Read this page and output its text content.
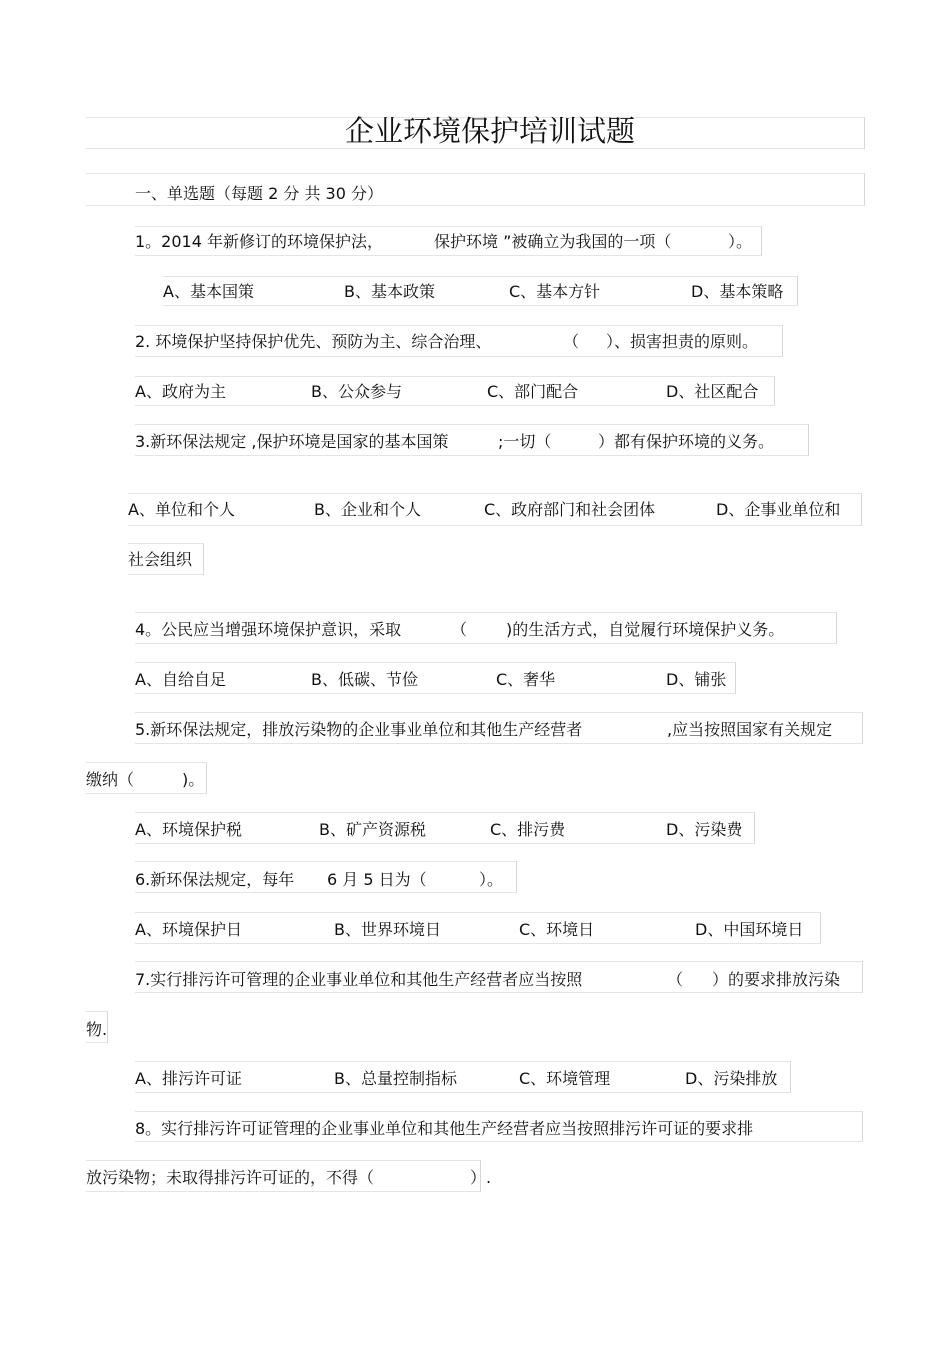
企业环境保护培训试题
一、单选题（每题 2 分 共 30 分）
1。2014 年新修订的环境保护法，	保护环境 ”被确立为我国的一项（	）。
A、基本国策	B、基本政策	C、基本方针	D、基本策略
2. 环境保护坚持保护优先、预防为主、综合治理、	（ ）、损害担责的原则。
A、政府为主	B、公众参与	C、部门配合	D、社区配合
3.新环保法规定 ,保护环境是国家的基本国策	;一切（	）都有保护环境的义务。
A、单位和个人	B、企业和个人	C、政府部门和社会团体	D、企事业单位和
社会组织
4。公民应当增强环境保护意识，采取	（ )的生活方式，自觉履行环境保护义务。
A、自给自足	B、低碳、节俭	C、奢华	D、铺张
5.新环保法规定，排放污染物的企业事业单位和其他生产经营者	,应当按照国家有关规定
缴纳（	)。
A、环境保护税	B、矿产资源税	C、排污费	D、污染费
6.新环保法规定，每年 6 月 5 日为（	）。
A、环境保护日	B、世界环境日	C、环境日	D、中国环境日
7.实行排污许可管理的企业事业单位和其他生产经营者应当按照	（ ）的要求排放污染
物.
A、排污许可证	B、总量控制指标	C、环境管理	D、污染排放
8。实行排污许可证管理的企业事业单位和其他生产经营者应当按照排污许可证的要求排
放污染物；未取得排污许可证的，不得（	）.
